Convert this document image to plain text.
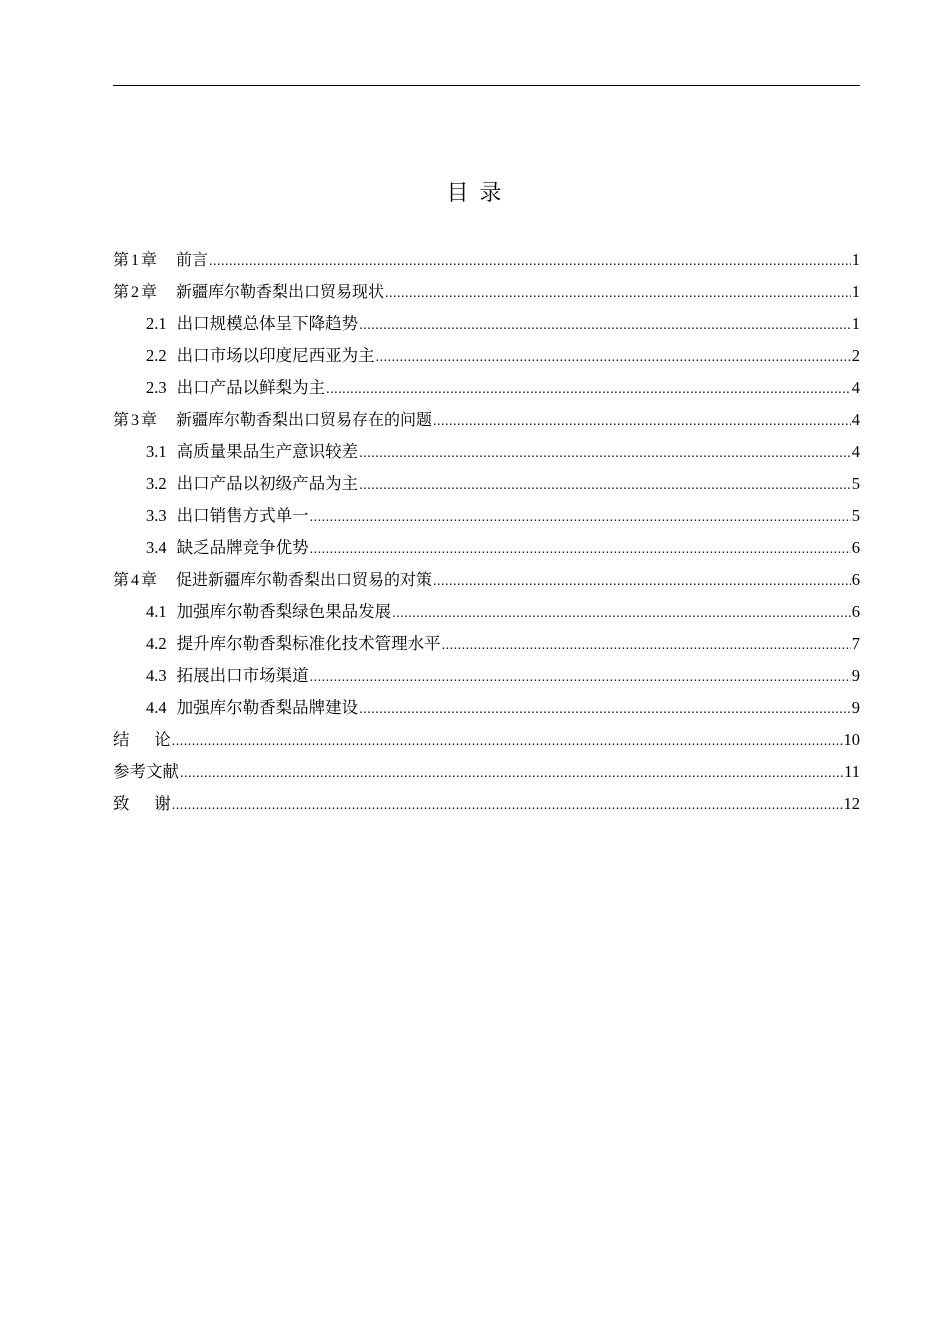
目 录
第 1 章 前言 .....	1
第 2 章 新疆库尔勒香梨出口贸易现状 .....	1
2.1 出口规模总体呈下降趋势 .....	1
2.2 出口市场以印度尼西亚为主 .....	2
2.3 出口产品以鲜梨为主 .....	4
第 3 章 新疆库尔勒香梨出口贸易存在的问题 .....	4
3.1 高质量果品生产意识较差 .....	4
3.2 出口产品以初级产品为主 .....	5
3.3 出口销售方式单一 .....	5
3.4 缺乏品牌竞争优势 .....	6
第 4 章 促进新疆库尔勒香梨出口贸易的对策 .....	6
4.1 加强库尔勒香梨绿色果品发展 .....	6
4.2 提升库尔勒香梨标准化技术管理水平 .....	7
4.3 拓展出口市场渠道 .....	9
4.4 加强库尔勒香梨品牌建设 .....	9
结      论 .....	10
参考文献 .....	11
致      谢 .....	12
